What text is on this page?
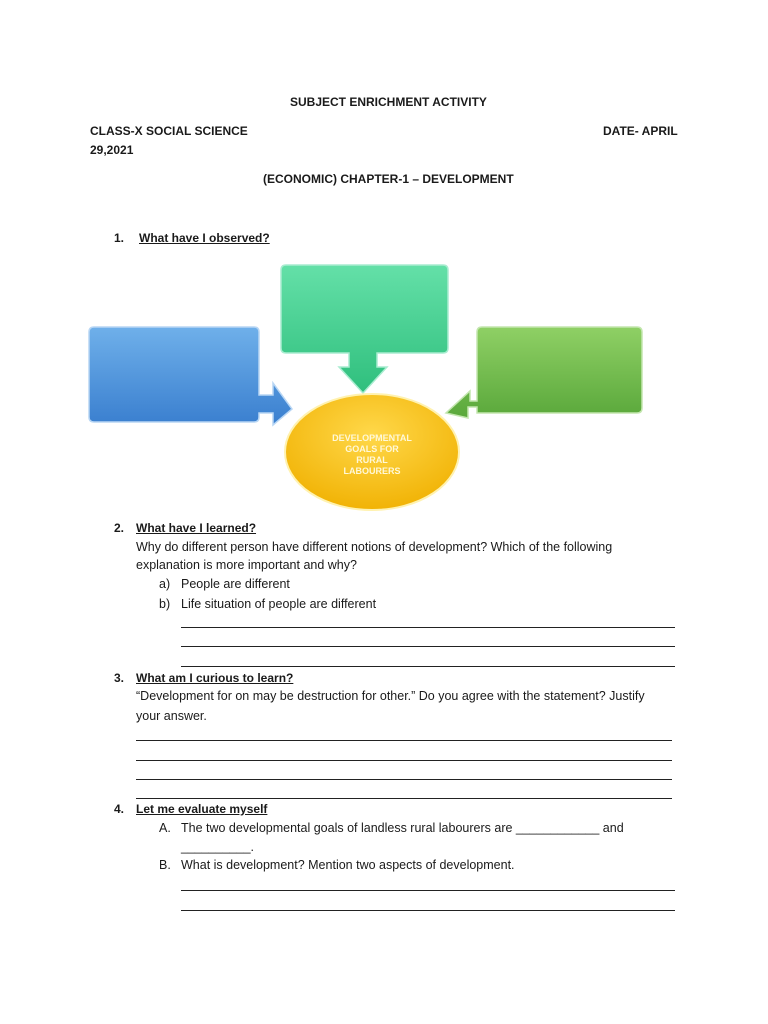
SUBJECT ENRICHMENT ACTIVITY
CLASS-X SOCIAL SCIENCE	DATE- APRIL
29,2021
(ECONOMIC) CHAPTER-1 – DEVELOPMENT
1. What have I observed?
DEVELOPMENTAL
GOALS FOR
RURAL
LABOURERS
2. What have I learned?
Why do different person have different notions of development? Which of the following
explanation is more important and why?
a) People are different
b) Life situation of people are different
3. What am I curious to learn?
“Development for on may be destruction for other.” Do you agree with the statement? Justify
your answer.
4. Let me evaluate myself
A. The two developmental goals of landless rural labourers are ____________ and
__________.
B. What is development? Mention two aspects of development.
